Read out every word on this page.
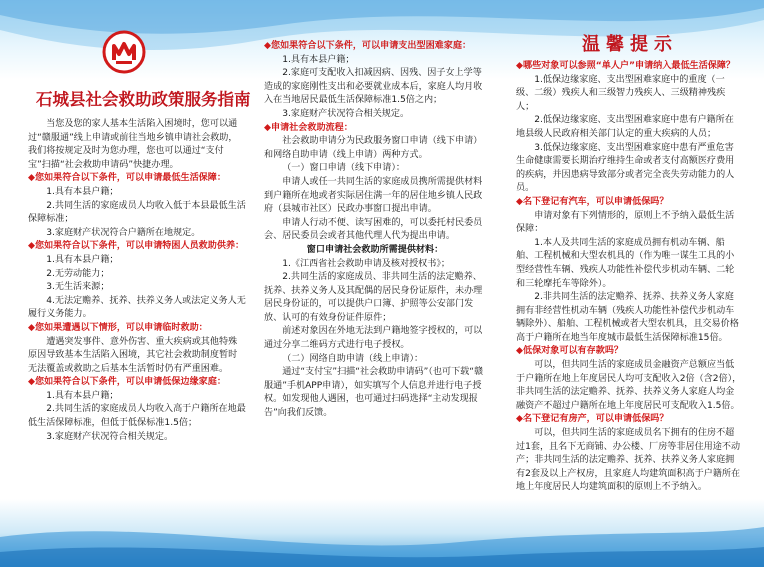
石城县社会救助政策服务指南
温馨提示

当您及您的家人基本生活陷入困境时，您可以通过“赣服通”线上申请或前往当地乡镇申请社会救助，我们将按规定及时为您办理，您也可以通过“支付宝”扫描“社会救助申请码”快捷办理。

◆您如果符合以下条件，可以申请最低生活保障：

1.具有本县户籍；

2.共同生活的家庭成员人均收入低于本县最低生活保障标准；

3.家庭财产状况符合户籍所在地规定。

◆您如果符合以下条件，可以申请特困人员救助供养：

1.具有本县户籍；

2.无劳动能力；

3.无生活来源；

4.无法定赡养、抚养、扶养义务人或法定义务人无履行义务能力。

◆您如果遭遇以下情形，可以申请临时救助：

遭遇突发事件、意外伤害、重大疾病或其他特殊原因导致基本生活陷入困境，其它社会救助制度暂时无法覆盖或救助之后基本生活暂时仍有严重困难。

◆您如果符合以下条件，可以申请低保边缘家庭：

1.具有本县户籍；

2.共同生活的家庭成员人均收入高于户籍所在地最低生活保障标准，但低于低保标准1.5倍；

3.家庭财产状况符合相关规定。

◆您如果符合以下条件，可以申请支出型困难家庭：

1.具有本县户籍；

2.家庭可支配收入扣减因病、因残、因子女上学等造成的家庭刚性支出和必要就业成本后，家庭人均月收入在当地居民最低生活保障标准1.5倍之内；

3.家庭财产状况符合相关规定。

◆申请社会救助流程：

社会救助申请分为民政服务窗口申请（线下申请）和网络自助申请（线上申请）两种方式。

（一）窗口申请（线下申请）：

申请人或任一共同生活的家庭成员携所需提供材料到户籍所在地或者实际居住满一年的居住地乡镇人民政府（县城市社区）民政办事窗口提出申请。

申请人行动不便、读写困难的，可以委托村民委员会、居民委员会或者其他代理人代为提出申请。

窗口申请社会救助所需提供材料：

1.《江西省社会救助申请及核对授权书》；

2.共同生活的家庭成员、非共同生活的法定赡养、抚养、扶养义务人及其配偶的居民身份证原件，未办理居民身份证的，可以提供户口簿、护照等公安部门发放、认可的有效身份证件原件；

前述对象因在外地无法到户籍地签字授权的，可以通过分享二维码方式进行电子授权。

（二）网络自助申请（线上申请）：

通过“支付宝”扫描“社会救助申请码”（也可下载“赣服通”手机APP申请），如实填写个人信息并进行电子授权。如发现他人遇困，也可通过扫码选择“主动发现报告”向我们反馈。

◆哪些对象可以参照“单人户”申请纳入最低生活保障？

1.低保边缘家庭、支出型困难家庭中的重度（一级、二级）残疾人和三级智力残疾人、三级精神残疾人；

2.低保边缘家庭、支出型困难家庭中患有户籍所在地县级人民政府相关部门认定的重大疾病的人员；

3.低保边缘家庭、支出型困难家庭中患有严重危害生命健康需要长期治疗维持生命或者支付高额医疗费用的疾病，并因患病导致部分或者完全丧失劳动能力的人员。

◆名下登记有汽车，可以申请低保吗？

申请对象有下列情形的，原则上不予纳入最低生活保障：

1.本人及共同生活的家庭成员拥有机动车辆、船舶、工程机械和大型农机具的（作为唯一谋生工具的小型经营性车辆、残疾人功能性补偿代步机动车辆、二轮和三轮摩托车等除外）。

2.非共同生活的法定赡养、抚养、扶养义务人家庭拥有非经营性机动车辆（残疾人功能性补偿代步机动车辆除外）、船舶、工程机械或者大型农机具，且交易价格高于户籍所在地当年度城市最低生活保障标准15倍。

◆低保对象可以有存款吗？

可以，但共同生活的家庭成员金融资产总额应当低于户籍所在地上年度居民人均可支配收入2倍（含2倍），非共同生活的法定赡养、抚养、扶养义务人家庭人均金融资产不超过户籍所在地上年度居民可支配收入1.5倍。

◆名下登记有房产，可以申请低保吗？

可以，但共同生活的家庭成员名下拥有的住房不超过1套，且名下无商铺、办公楼、厂房等非居住用途不动产；非共同生活的法定赡养、抚养、扶养义务人家庭拥有2套及以上产权房，且家庭人均建筑面积高于户籍所在地上年度居民人均建筑面积的原则上不予纳入。
